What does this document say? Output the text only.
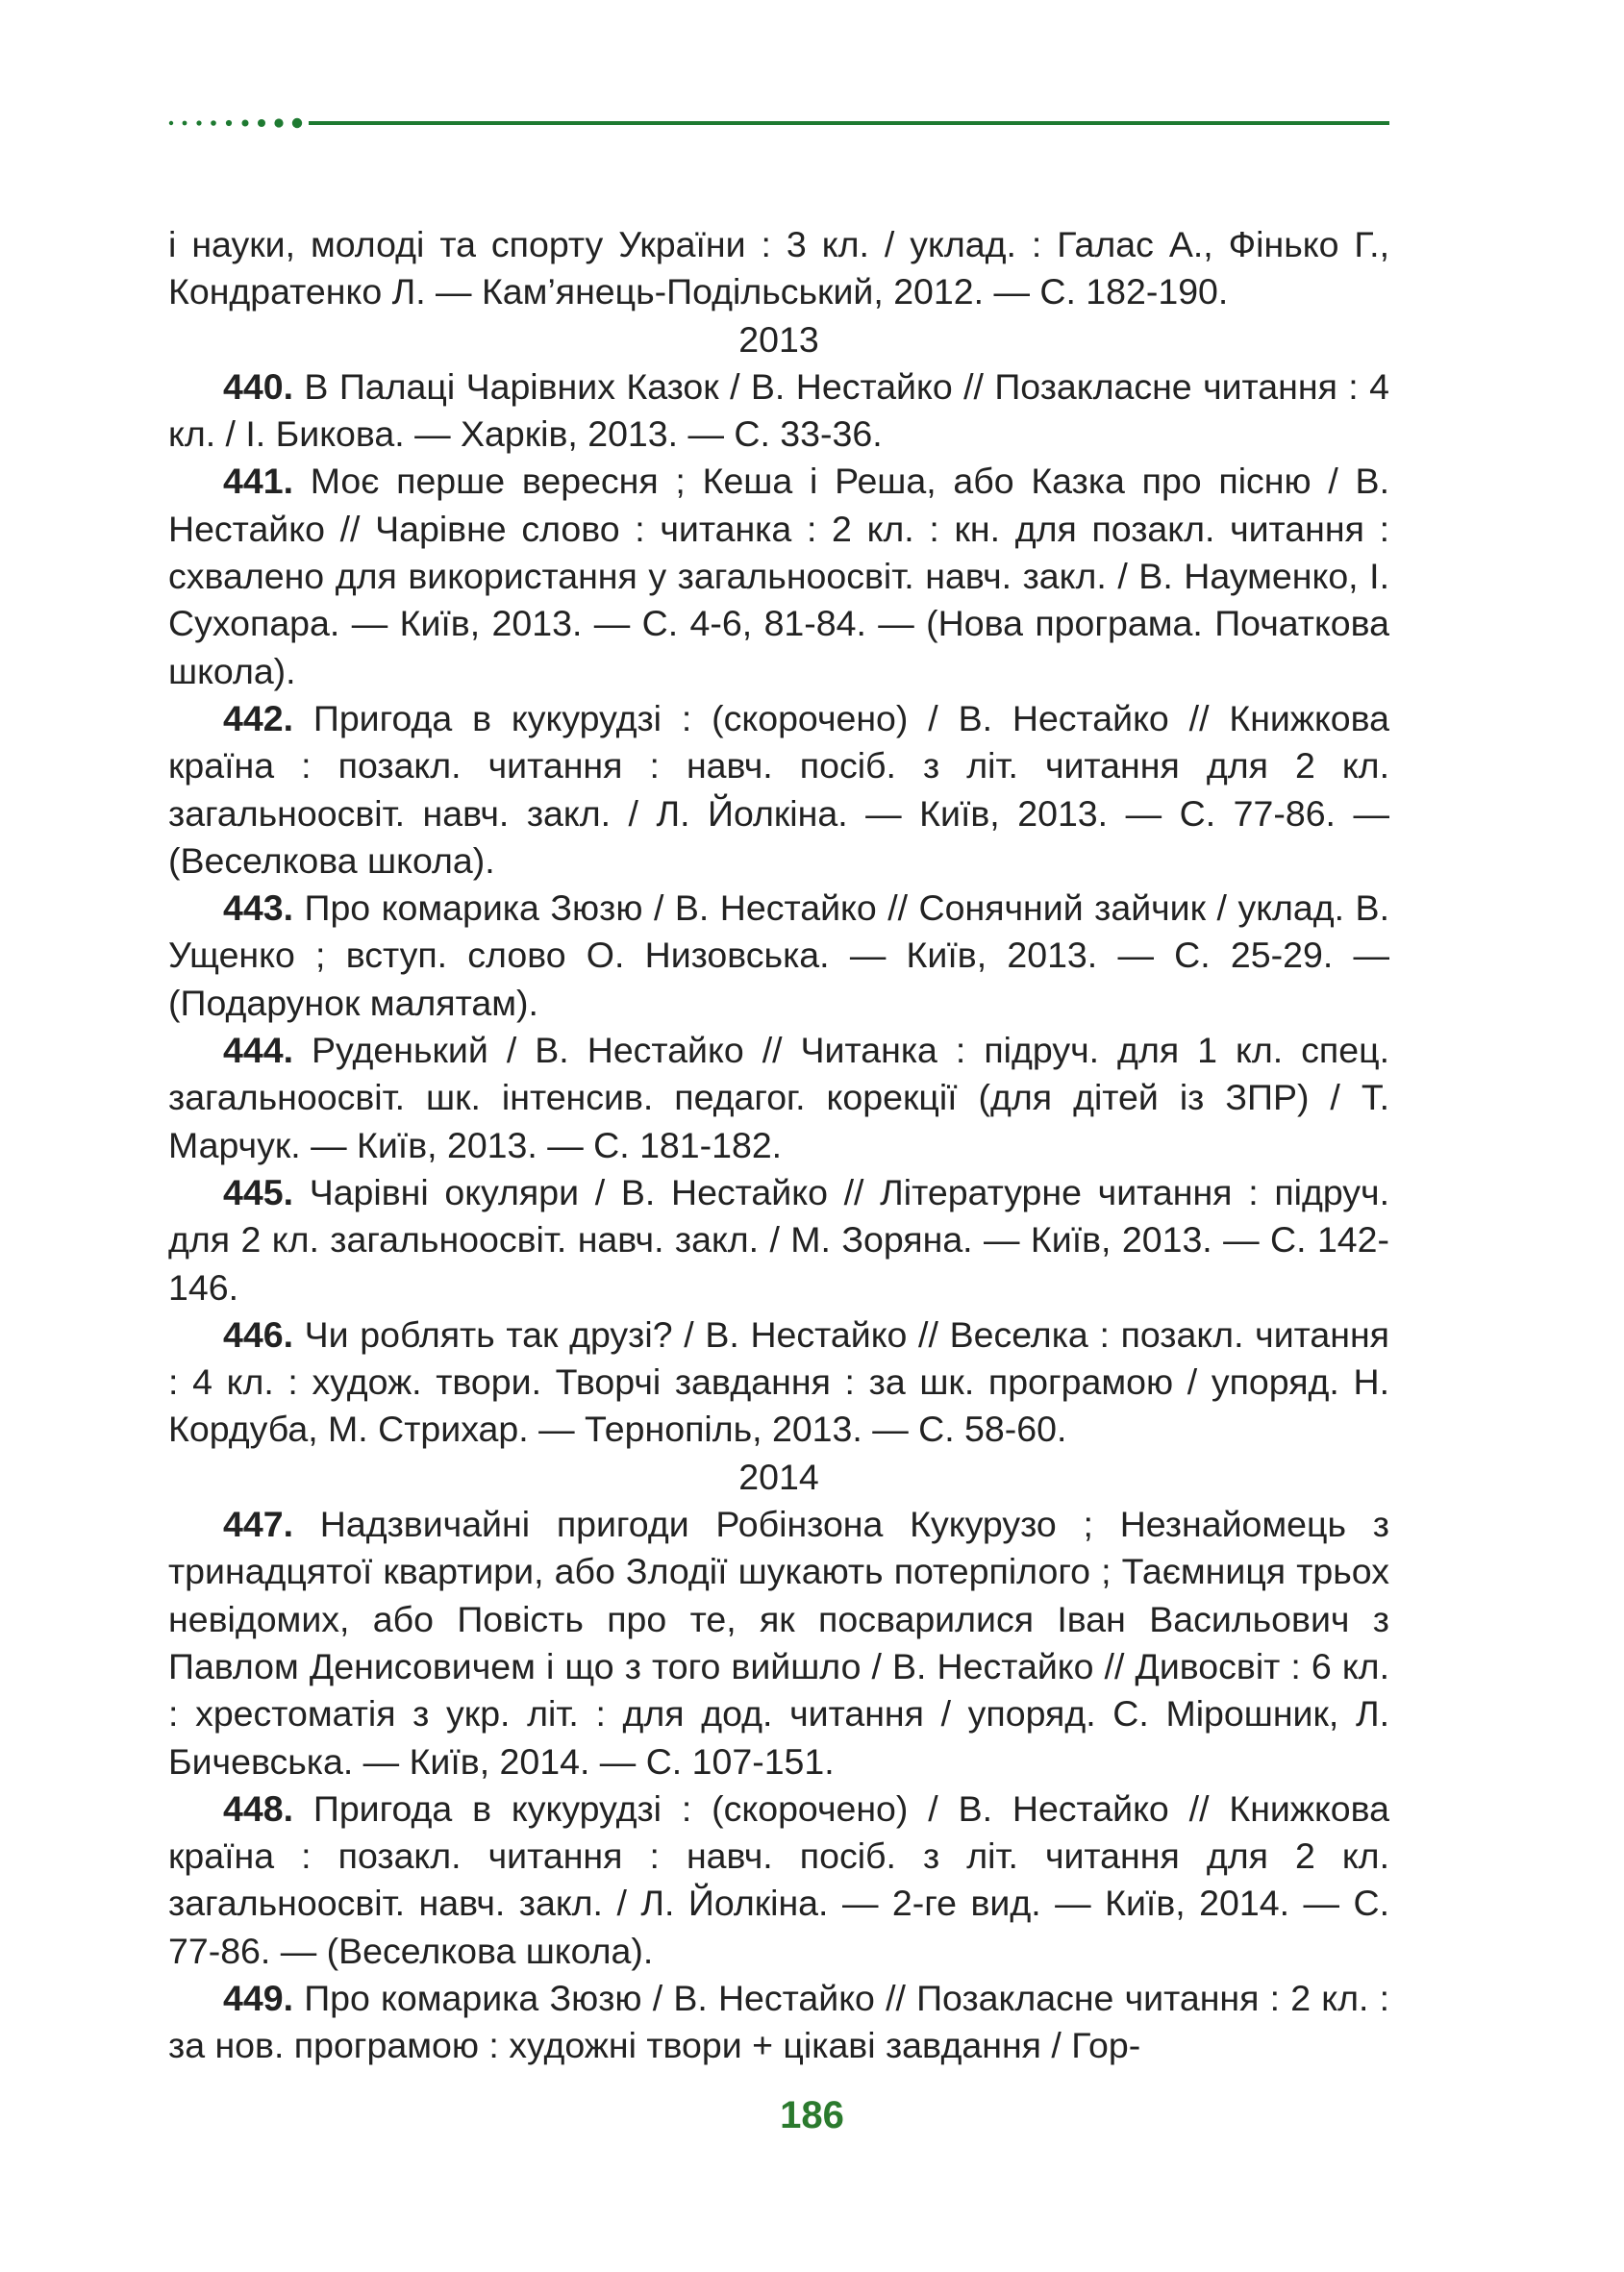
і науки, молоді та спорту України : 3 кл. / уклад. : Галас А., Фінько Г., Кондратенко Л. — Кам’янець-Подільський, 2012. — С. 182-190.

2013

440. В Палаці Чарівних Казок / В. Нестайко // Позакласне читання : 4 кл. / І. Бикова. — Харків, 2013. — С. 33-36.

441. Моє перше вересня ; Кеша і Реша, або Казка про пісню / В. Нестайко // Чарівне слово : читанка : 2 кл. : кн. для позакл. читання : схвалено для використання у загальноосвіт. навч. закл. / В. Науменко, І. Сухопара. — Київ, 2013. — С. 4-6, 81-84. — (Нова програма. Початкова школа).

442. Пригода в кукурудзі : (скорочено) / В. Нестайко // Книжкова країна : позакл. читання : навч. посіб. з літ. читання для 2 кл. загальноосвіт. навч. закл. / Л. Йолкіна. — Київ, 2013. — С. 77-86. — (Веселкова школа).

443. Про комарика Зюзю / В. Нестайко // Сонячний зайчик / уклад. В. Ущенко ; вступ. слово О. Низовська. — Київ, 2013. — С. 25-29. — (Подарунок малятам).

444. Руденький / В. Нестайко // Читанка : підруч. для 1 кл. спец. загальноосвіт. шк. інтенсив. педагог. корекції (для дітей із ЗПР) / Т. Марчук. — Київ, 2013. — С. 181-182.

445. Чарівні окуляри / В. Нестайко // Літературне читання : підруч. для 2 кл. загальноосвіт. навч. закл. / М. Зоряна. — Київ, 2013. — С. 142-146.

446. Чи роблять так друзі? / В. Нестайко // Веселка : позакл. читання : 4 кл. : худож. твори. Творчі завдання : за шк. програмою / упоряд. Н. Кордуба, М. Стрихар. — Тернопіль, 2013. — С. 58-60.

2014

447. Надзвичайні пригоди Робінзона Кукурузо ; Незнайомець з тринадцятої квартири, або Злодії шукають потерпілого ; Таємниця трьох невідомих, або Повість про те, як посварилися Іван Васильович з Павлом Денисовичем і що з того вийшло / В. Нестайко // Дивосвіт : 6 кл. : хрестоматія з укр. літ. : для дод. читання / упоряд. С. Мірошник, Л. Бичевська. — Київ, 2014. — С. 107-151.

448. Пригода в кукурудзі : (скорочено) / В. Нестайко // Книжкова країна : позакл. читання : навч. посіб. з літ. читання для 2 кл. загальноосвіт. навч. закл. / Л. Йолкіна. — 2-ге вид. — Київ, 2014. — С. 77-86. — (Веселкова школа).

449. Про комарика Зюзю / В. Нестайко // Позакласне читання : 2 кл. : за нов. програмою : художні твори + цікаві завдання / Гор-

186
